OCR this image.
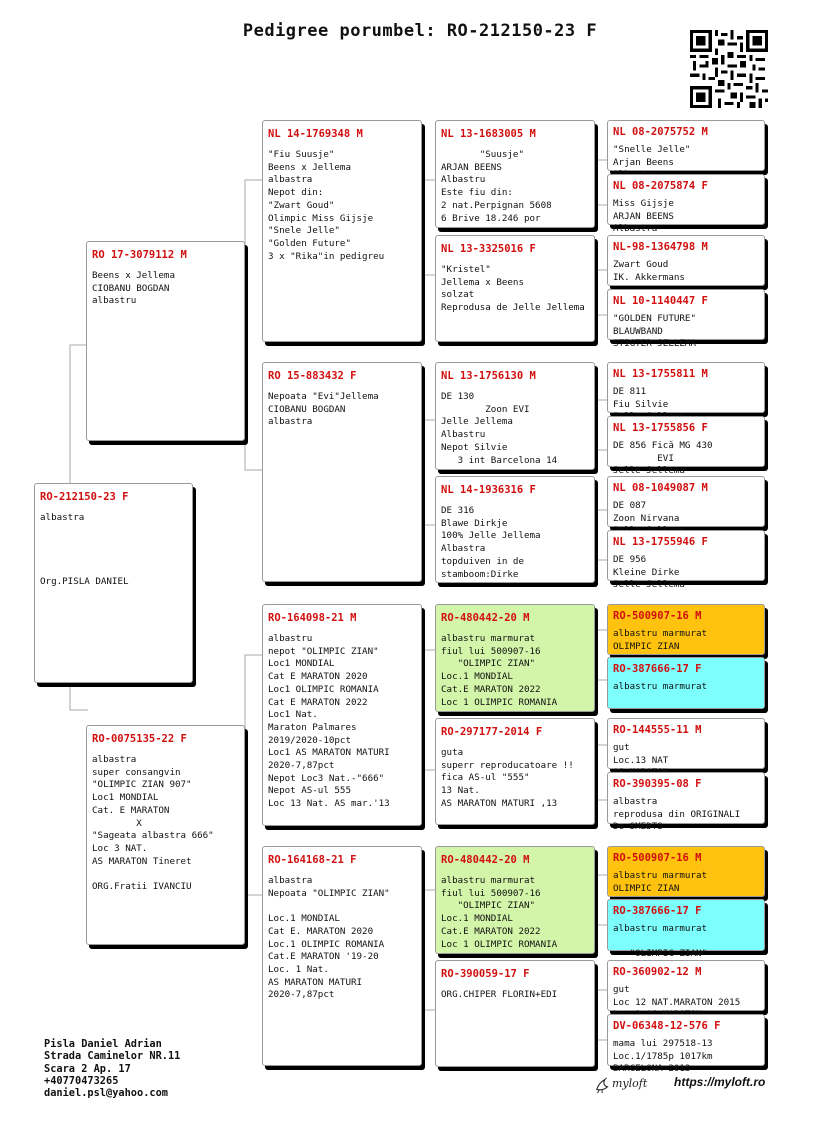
Pedigree porumbel: RO-212150-23 F
RO-212150-23 F
albastra

Org.PISLA DANIEL
RO 17-3079112 M
Beens x Jellema
CIOBANU BOGDAN
albastru
RO-0075135-22 F
albastra
super consangvin
"OLIMPIC ZIAN 907"
Loc1 MONDIAL
Cat. E MARATON
X
"Sageata albastra 666"
Loc 3 NAT.
AS MARATON Tineret

ORG.Fratii IVANCIU
NL 14-1769348 M
"Fiu Suusje"
Beens x Jellema
albastra
Nepot din:
"Zwart Goud"
Olimpic Miss Gijsje
"Snele Jelle"
"Golden Future"
3 x "Rika"in pedigreu
RO 15-883432 F
Nepoata "Evi"Jellema
CIOBANU BOGDAN
albastra
RO-164098-21 M
albastru
nepot "OLIMPIC ZIAN"
Loc1 MONDIAL
Cat E MARATON 2020
Loc1 OLIMPIC ROMANIA
Cat E MARATON 2022
Loc1 Nat.
Maraton Palmares
2019/2020-10pct
Loc1 AS MARATON MATURI
2020-7,87pct
Nepot Loc3 Nat.-"666"
Nepot AS-ul 555
Loc 13 Nat. AS mar.'13
RO-164168-21 F
albastra
Nepoata "OLIMPIC ZIAN"

Loc.1 MONDIAL
Cat E. MARATON 2020
Loc.1 OLIMPIC ROMANIA
Cat.E MARATON '19-20
Loc. 1 Nat.
AS MARATON MATURI
2020-7,87pct
NL 13-1683005 M
"Suusje"
ARJAN BEENS
Albastru
Este fiu din:
2 nat.Perpignan 5608
6 Brive 18.246 por
NL 13-3325016 F
"Kristel"
Jellema x Beens
solzat
Reprodusa de Jelle Jellema
NL 13-1756130 M
DE 130
Zoon EVI
Jelle Jellema
Albastru
Nepot Silvie
3 int Barcelona 14
NL 14-1936316 F
DE 316
Blawe Dirkje
100% Jelle Jellema
Albastra
topduiven in de
stamboom:Dirke
RO-480442-20 M
albastru marmurat
fiul lui 500907-16
"OLIMPIC ZIAN"
Loc.1 MONDIAL
Cat.E MARATON 2022
Loc 1 OLIMPIC ROMANIA
RO-297177-2014 F
guta
superr reproducatoare !!
fica AS-ul "555"
13 Nat.
AS MARATON MATURI ,13
RO-480442-20 M
albastru marmurat
fiul lui 500907-16
"OLIMPIC ZIAN"
Loc.1 MONDIAL
Cat.E MARATON 2022
Loc 1 OLIMPIC ROMANIA
RO-390059-17 F
ORG.CHIPER FLORIN+EDI
NL 08-2075752 M
"Snelle Jelle"
Arjan Beens

NL 08-2075874 F
Miss Gijsje
ARJAN BEENS
Albastra
NL-98-1364798 M
Zwart Goud
IK. Akkermans
NL 10-1140447 F
"GOLDEN FUTURE"
BLAUWBAND
STIGTER JELLEMA
NL 13-1755811 M
DE 811
Fiu Silvie

NL 13-1755856 F
DE 856 Fică MG 430
EVI
Jelle Jellema
NL 08-1049087 M
DE 087
Zoon Nirvana

NL 13-1755946 F
DE 956
Kleine Dirke
Jelle Jellema
RO-500907-16 M
albastru marmurat
OLIMPIC ZIAN
RO-387666-17 F
albastru marmurat
RO-144555-11 M
gut
Loc.13 NAT

RO-390395-08 F
albastra
reprodusa din ORIGINALI
De SMEDTS
RO-500907-16 M
albastru marmurat
OLIMPIC ZIAN
RO-387666-17 F
albastru marmurat

"OLIMPIC ZIAN"
RO-360902-12 M
gut
Loc 12 NAT.MARATON 2015

DV-06348-12-576 F
mama lui 297518-13
Loc.1/1785p 1017km
BARCELONA 2013
Pisla Daniel Adrian
Strada Caminelor NR.11
Scara 2 Ap. 17
+40770473265
daniel.psl@yahoo.com
myloft https://myloft.ro
